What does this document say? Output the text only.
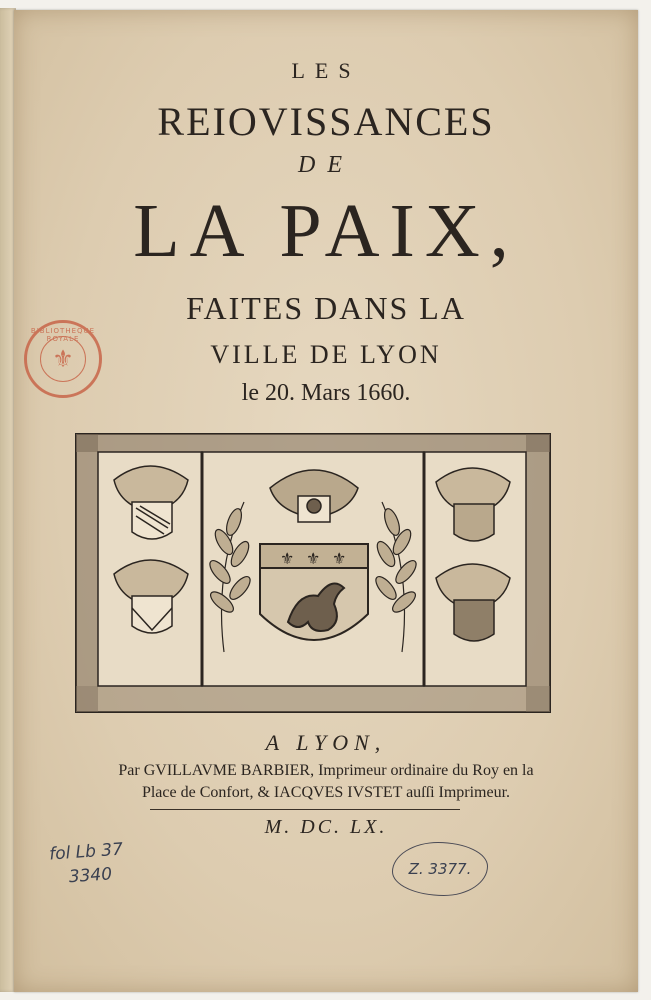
LES
REIOVISSANCES
DE
LA PAIX,
FAITES DANS LA
VILLE DE LYON
le 20. Mars 1660.
⚜ ⚜ ⚜
BIBLIOTHEQUE ROYALE
⚜
A LYON,
Par GVILLAVME BARBIER, Imprimeur ordinaire du Roy en la
Place de Confort, & IACQVES IVSTET auſſi Imprimeur.
M. DC. LX.
fol Lb 37
3340	Z. 3377.
